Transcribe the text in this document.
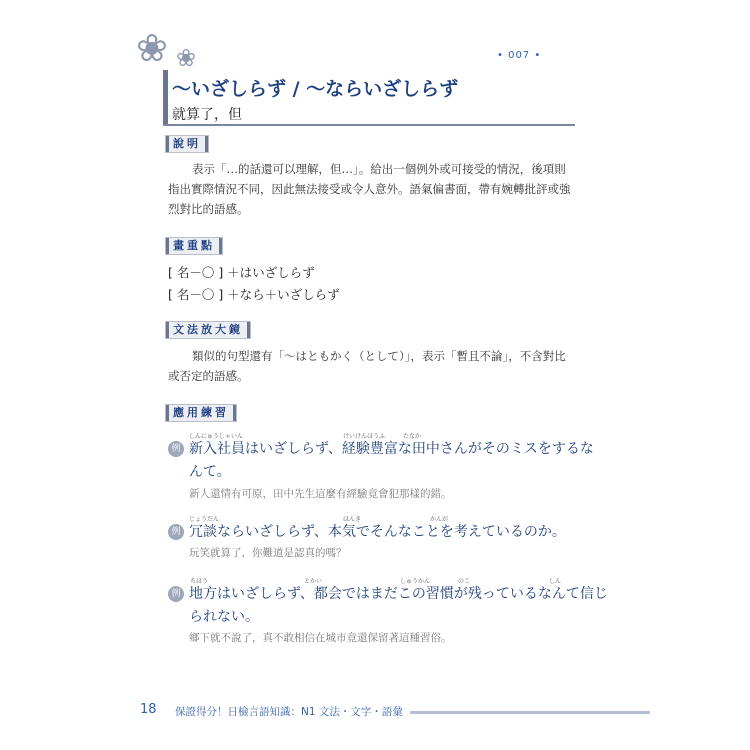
❀ ❀	• 007 •
～いざしらず / ～ならいざしらず
就算了，但
說明
表示「…的話還可以理解，但…」。給出一個例外或可接受的情況，後項則指出實際情況不同，因此無法接受或令人意外。語氣偏書面，帶有婉轉批評或強烈對比的語感。
畫重點
[ 名－〇 ] ＋はいざしらず
[ 名－〇 ] ＋なら＋いざしらず
文法放大鏡
類似的句型還有「～はともかく（として）」，表示「暫且不論」，不含對比或否定的語感。
應用練習
しんにゅうしゃいん	けいけんほうふ	たなか
例 新入社員はいざしらず、経験豊富な田中さんがそのミスをするな
んて。
新人還情有可原，田中先生這麼有經驗竟會犯那樣的錯。
じょうだん	ほんき	かんが
例 冗談ならいざしらず、本気でそんなことを考えているのか。
玩笑就算了，你難道是認真的嗎？
ちほう	とかい	しゅうかん	のこ	しん
例 地方はいざしらず、都会ではまだこの習慣が残っているなんて信じ
られない。
鄉下就不說了，真不敢相信在城市竟還保留著這種習俗。
18 保證得分！日檢言語知識：N1 文法・文字・語彙
